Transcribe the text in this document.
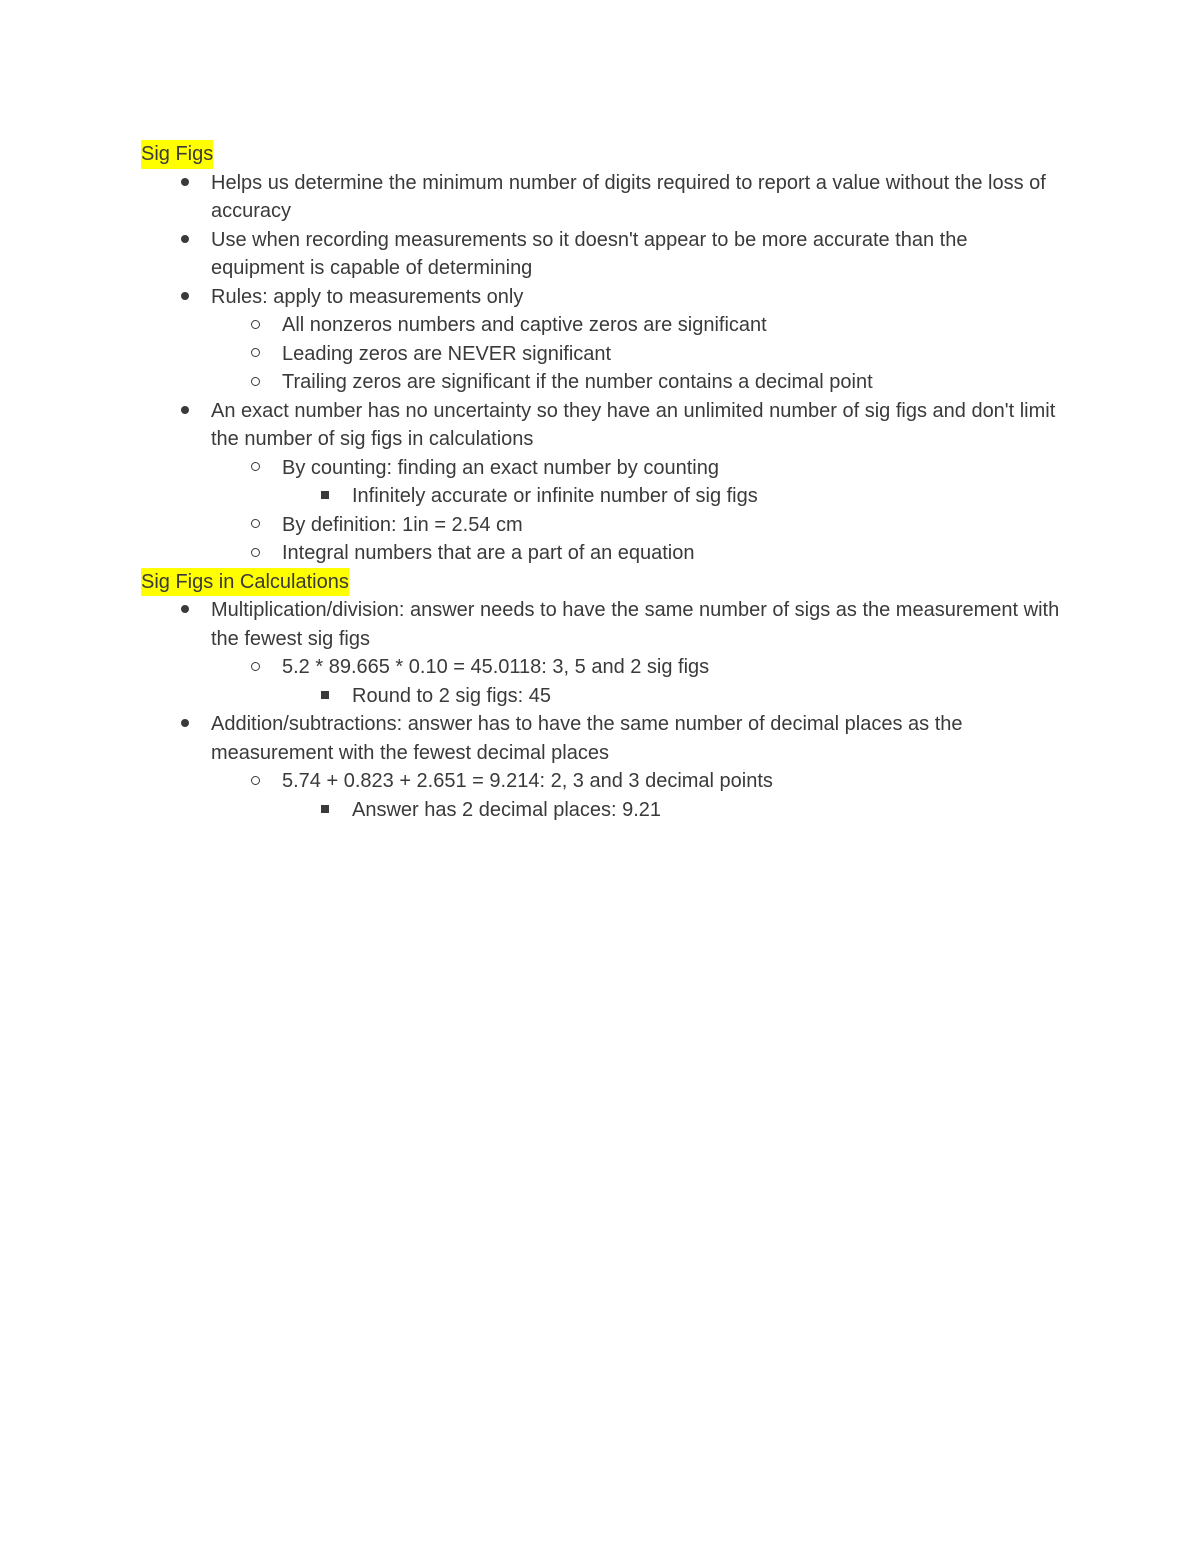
Sig Figs
Helps us determine the minimum number of digits required to report a value without the loss of accuracy
Use when recording measurements so it doesn't appear to be more accurate than the equipment is capable of determining
Rules: apply to measurements only
All nonzeros numbers and captive zeros are significant
Leading zeros are NEVER significant
Trailing zeros are significant if the number contains a decimal point
An exact number has no uncertainty so they have an unlimited number of sig figs and don't limit the number of sig figs in calculations
By counting: finding an exact number by counting
Infinitely accurate or infinite number of sig figs
By definition: 1in = 2.54 cm
Integral numbers that are a part of an equation
Sig Figs in Calculations
Multiplication/division: answer needs to have the same number of sigs as the measurement with the fewest sig figs
5.2 * 89.665 * 0.10 = 45.0118: 3, 5 and 2 sig figs
Round to 2 sig figs: 45
Addition/subtractions: answer has to have the same number of decimal places as the measurement with the fewest decimal places
5.74 + 0.823 + 2.651 = 9.214: 2, 3 and 3 decimal points
Answer has 2 decimal places: 9.21
